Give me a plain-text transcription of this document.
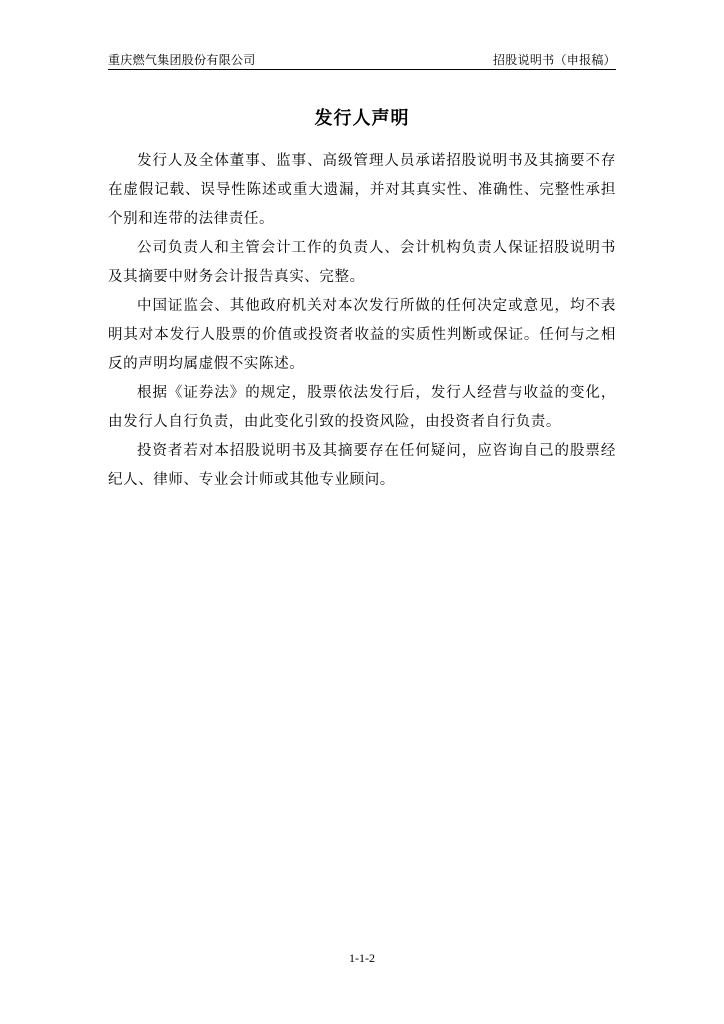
重庆燃气集团股份有限公司	招股说明书（申报稿）
发行人声明

发行人及全体董事、监事、高级管理人员承诺招股说明书及其摘要不存在虚假记载、误导性陈述或重大遗漏，并对其真实性、准确性、完整性承担个别和连带的法律责任。

公司负责人和主管会计工作的负责人、会计机构负责人保证招股说明书及其摘要中财务会计报告真实、完整。

中国证监会、其他政府机关对本次发行所做的任何决定或意见，均不表明其对本发行人股票的价值或投资者收益的实质性判断或保证。任何与之相反的声明均属虚假不实陈述。

根据《证券法》的规定，股票依法发行后，发行人经营与收益的变化，由发行人自行负责，由此变化引致的投资风险，由投资者自行负责。

投资者若对本招股说明书及其摘要存在任何疑问，应咨询自己的股票经纪人、律师、专业会计师或其他专业顾问。

1-1-2
